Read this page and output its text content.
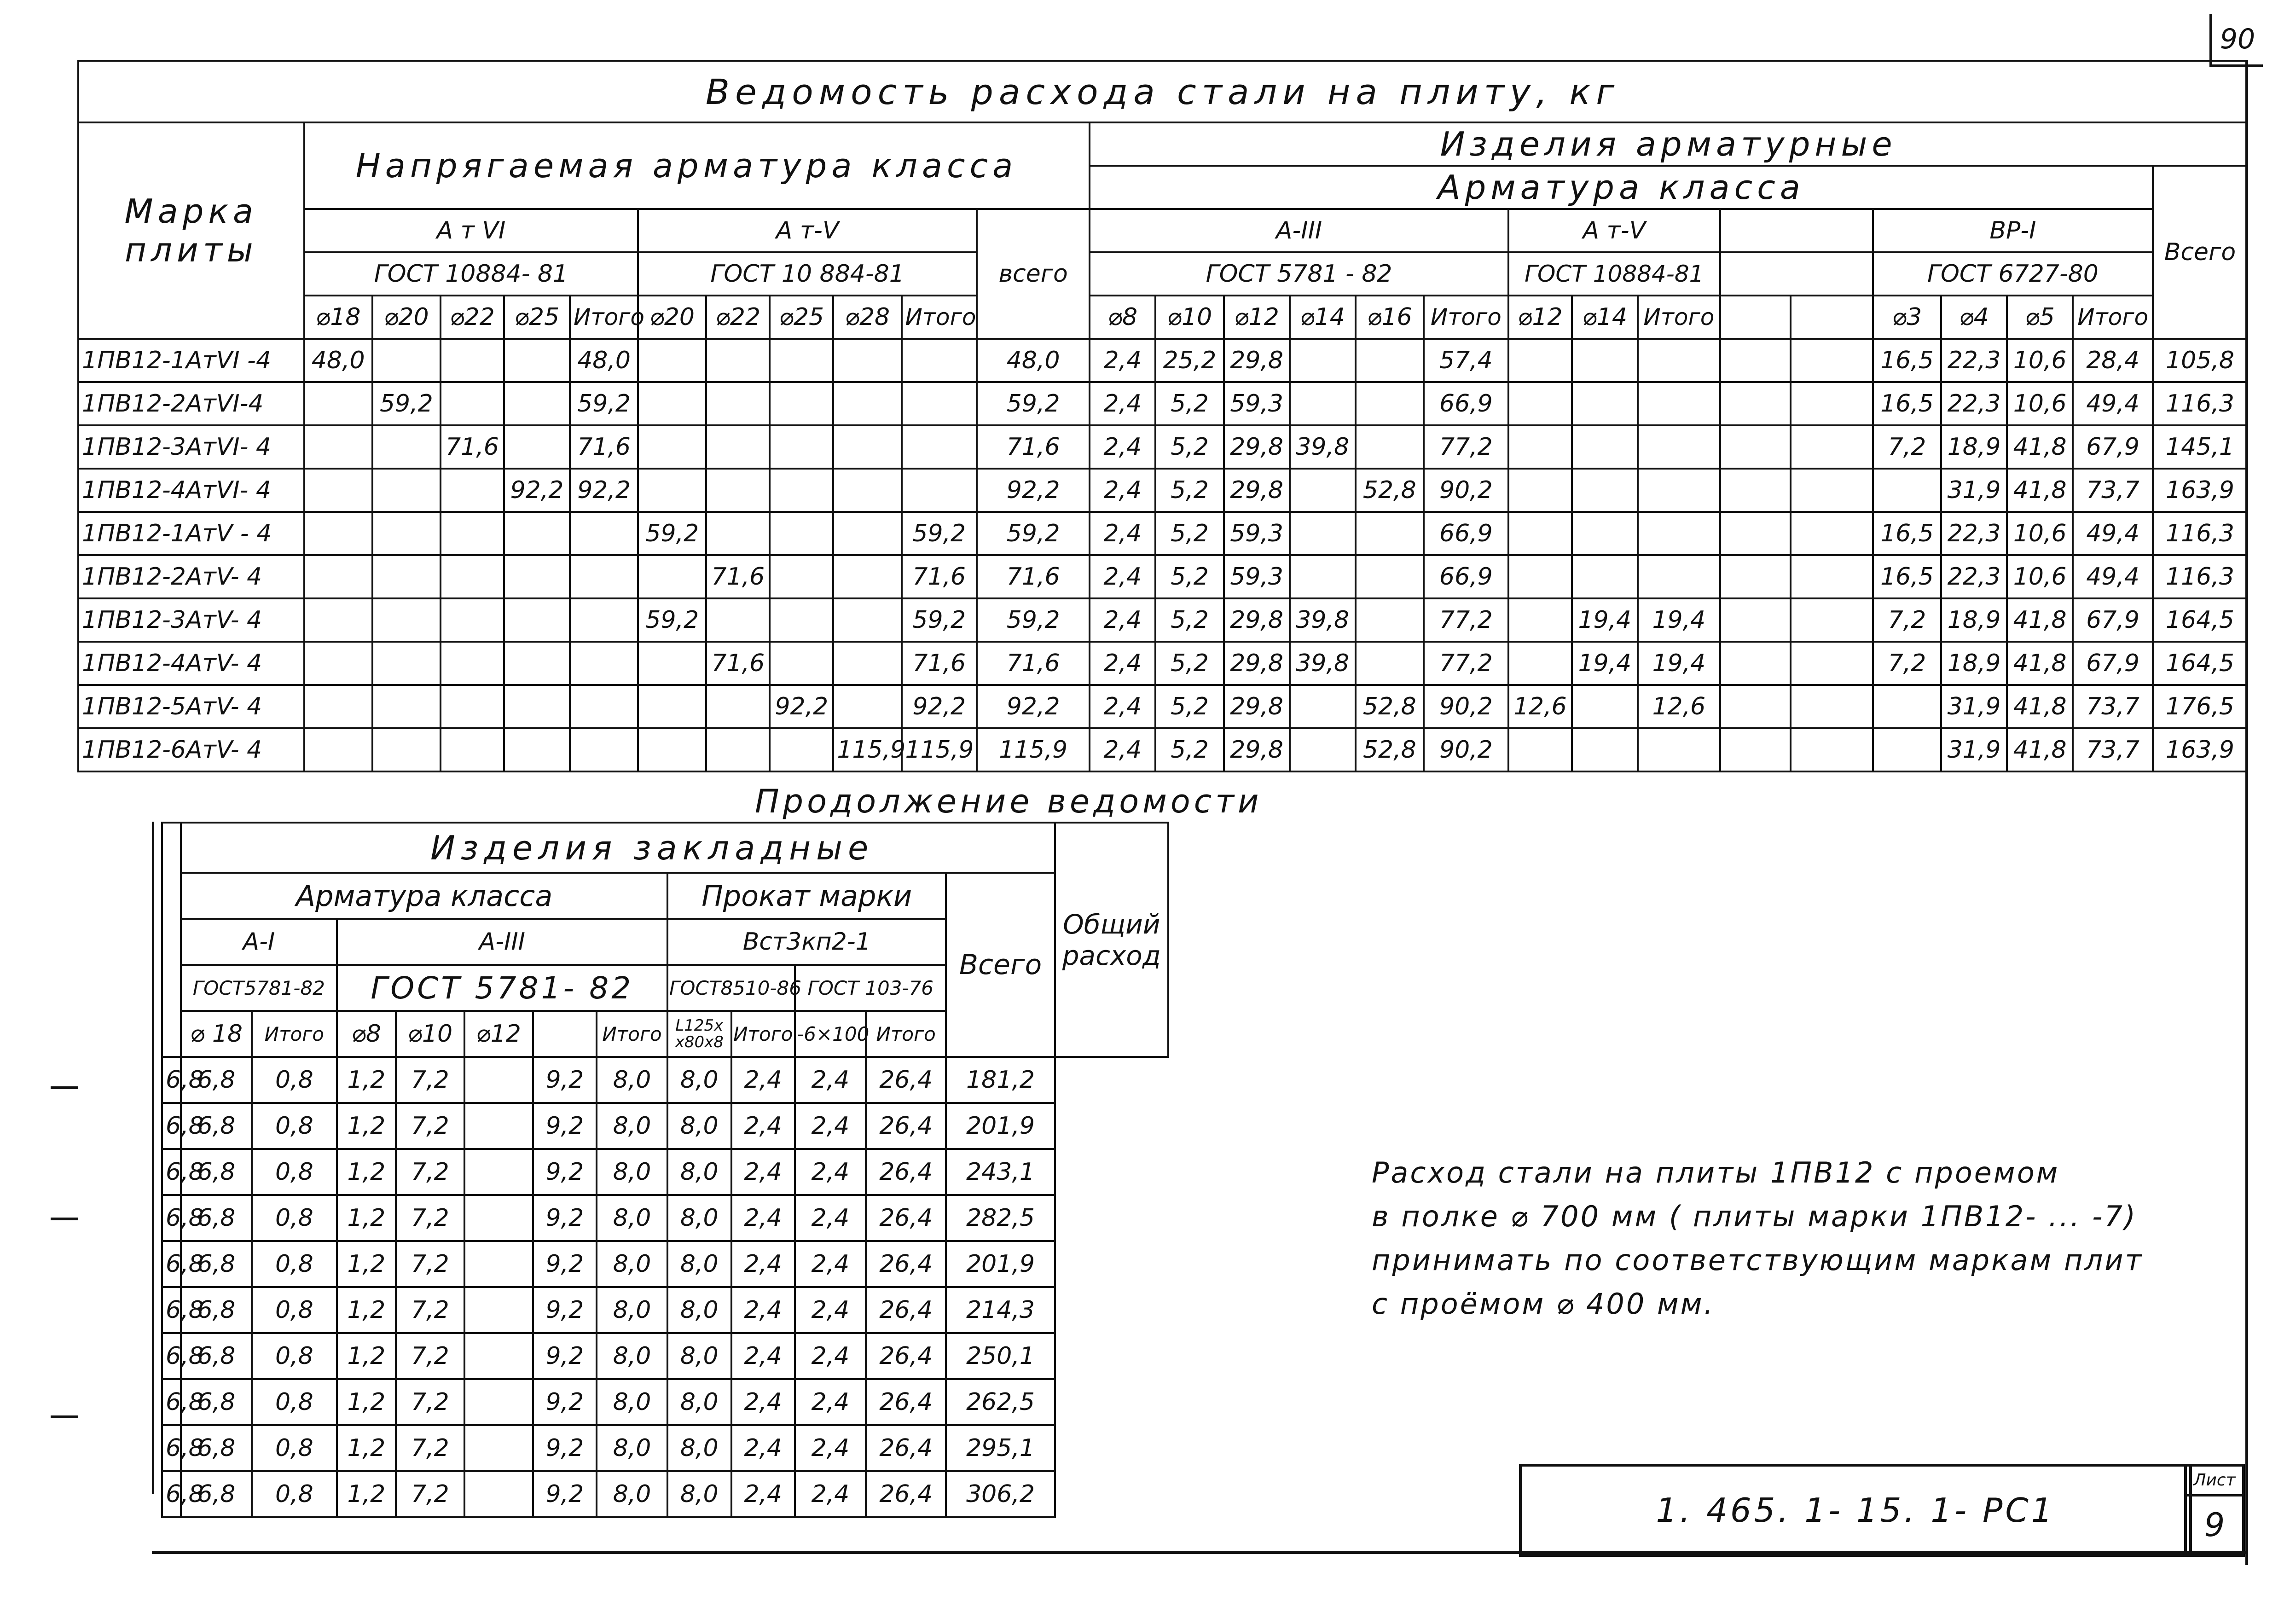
90
Ведомость расхода стали на плиту, кг																											
Марка
плиты	Напрягаемая арматура класса											Изделия арматурные															
												Арматура класса															Всего
	А т VI					А т-V					всего	А-III						А т-V					ВР-I				
	ГОСТ 10884- 81					ГОСТ 10 884-81						ГОСТ 5781 - 82						ГОСТ 10884-81					ГОСТ 6727-80				
	⌀18	⌀20	⌀22	⌀25	Итого	⌀20	⌀22	⌀25	⌀28	Итого		⌀8	⌀10	⌀12	⌀14	⌀16	Итого	⌀12	⌀14	Итого			⌀3	⌀4	⌀5	Итого	
1ПВ12-1АтVI -4	48,0				48,0						48,0	2,4	25,2	29,8			57,4						16,5	22,3	10,6	28,4	105,8
1ПВ12-2АтVI-4		59,2			59,2						59,2	2,4	5,2	59,3			66,9						16,5	22,3	10,6	49,4	116,3
1ПВ12-3АтVI- 4			71,6		71,6						71,6	2,4	5,2	29,8	39,8		77,2						7,2	18,9	41,8	67,9	145,1
1ПВ12-4АтVI- 4				92,2	92,2						92,2	2,4	5,2	29,8		52,8	90,2							31,9	41,8	73,7	163,9
1ПВ12-1АтV - 4						59,2				59,2	59,2	2,4	5,2	59,3			66,9						16,5	22,3	10,6	49,4	116,3
1ПВ12-2АтV- 4							71,6			71,6	71,6	2,4	5,2	59,3			66,9						16,5	22,3	10,6	49,4	116,3
1ПВ12-3АтV- 4						59,2				59,2	59,2	2,4	5,2	29,8	39,8		77,2		19,4	19,4			7,2	18,9	41,8	67,9	164,5
1ПВ12-4АтV- 4							71,6			71,6	71,6	2,4	5,2	29,8	39,8		77,2		19,4	19,4			7,2	18,9	41,8	67,9	164,5
1ПВ12-5АтV- 4								92,2		92,2	92,2	2,4	5,2	29,8		52,8	90,2	12,6		12,6				31,9	41,8	73,7	176,5
1ПВ12-6АтV- 4									115,9	115,9	115,9	2,4	5,2	29,8		52,8	90,2							31,9	41,8	73,7	163,9
Продолжение ведомости
	Изделия закладные												Общий
расход
	Арматура класса							Прокат марки				Всего	
	А-I		А-III					Вст3кп2-1					
	ГОСТ5781-82		ГОСТ 5781- 82					ГОСТ8510-86		ГОСТ 103-76			
	⌀ 18	Итого	⌀8	⌀10	⌀12		Итого	L125x
x80x8	Итого	-6×100	Итого		
6,8	6,8	0,8	1,2	7,2		9,2	8,0	8,0	2,4	2,4	26,4	181,2	
6,8	6,8	0,8	1,2	7,2		9,2	8,0	8,0	2,4	2,4	26,4	201,9	
6,8	6,8	0,8	1,2	7,2		9,2	8,0	8,0	2,4	2,4	26,4	243,1	
6,8	6,8	0,8	1,2	7,2		9,2	8,0	8,0	2,4	2,4	26,4	282,5	
6,8	6,8	0,8	1,2	7,2		9,2	8,0	8,0	2,4	2,4	26,4	201,9	
6,8	6,8	0,8	1,2	7,2		9,2	8,0	8,0	2,4	2,4	26,4	214,3	
6,8	6,8	0,8	1,2	7,2		9,2	8,0	8,0	2,4	2,4	26,4	250,1	
6,8	6,8	0,8	1,2	7,2		9,2	8,0	8,0	2,4	2,4	26,4	262,5	
6,8	6,8	0,8	1,2	7,2		9,2	8,0	8,0	2,4	2,4	26,4	295,1	
6,8	6,8	0,8	1,2	7,2		9,2	8,0	8,0	2,4	2,4	26,4	306,2	
Расход стали на плиты 1ПВ12 с проемом
в полке ⌀ 700 мм ( плиты марки 1ПВ12- ... -7)
принимать по соответствующим маркам плит
с проёмом ⌀ 400 мм.
1. 465. 1- 15. 1- РС1
Лист
9
